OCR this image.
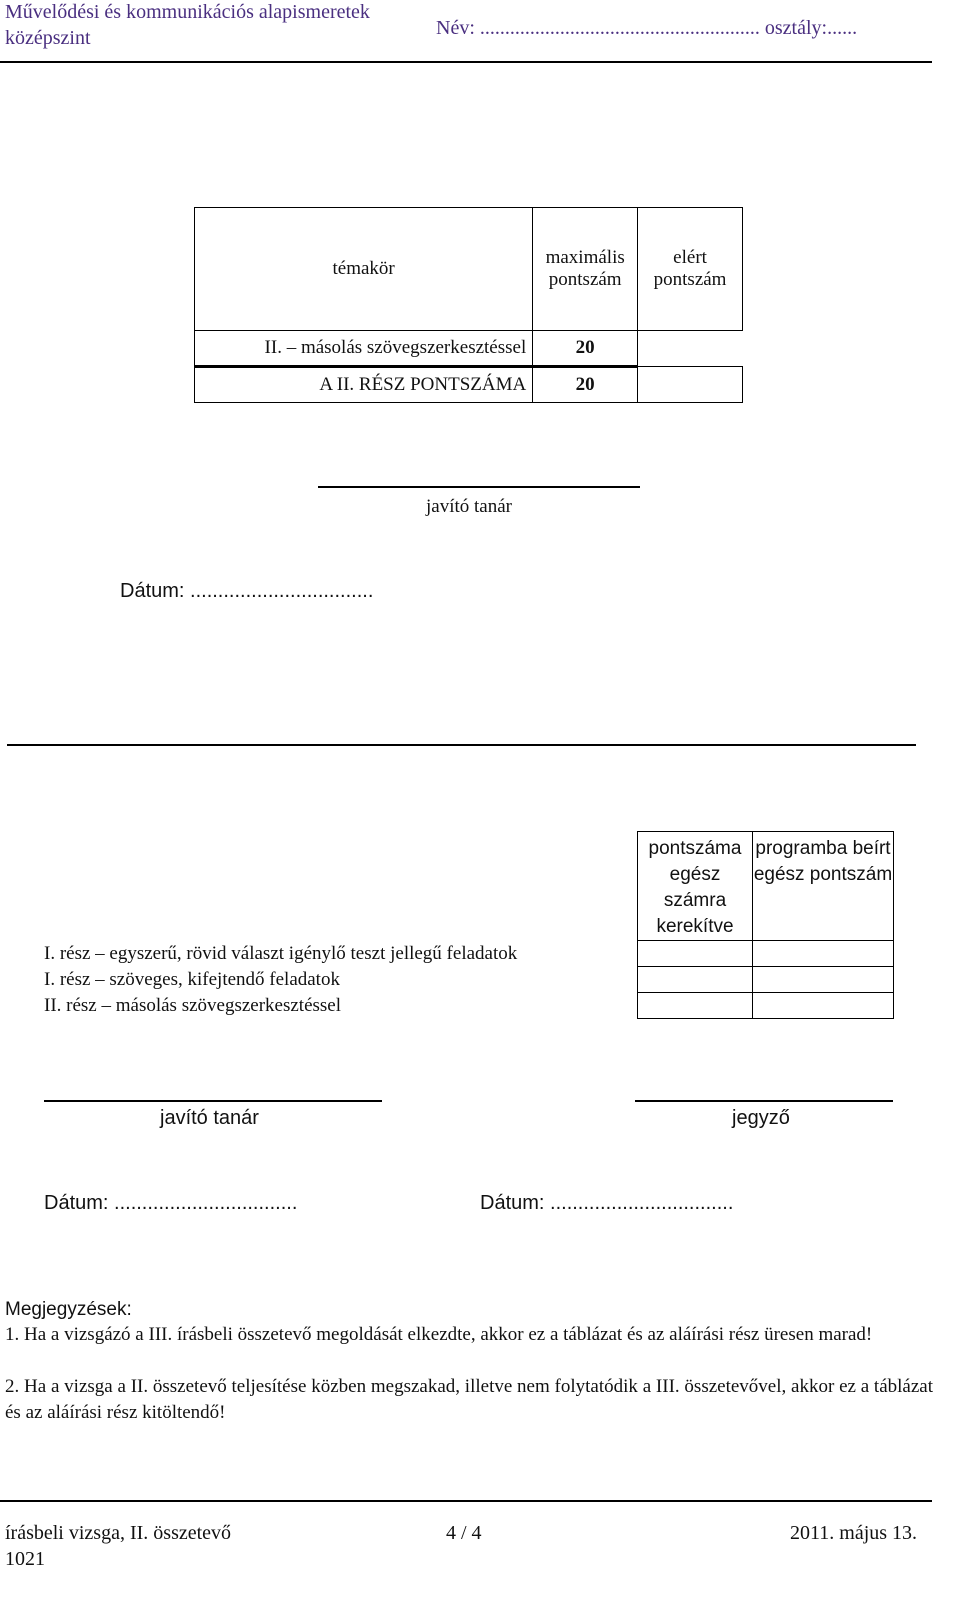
Művelődési és kommunikációs alapismeretek
középszint	Név: ........................................................ osztály:......
témakör	maximális pontszám	elért pontszám
II. – másolás szövegszerkesztéssel	20	
A II. RÉSZ PONTSZÁMA	20	
javító tanár
Dátum: .................................
	pontszáma egész számra kerekítve	programba beírt egész pontszám
I. rész – egyszerű, rövid választ igénylő teszt jellegű feladatok		
I. rész – szöveges, kifejtendő feladatok		
II. rész – másolás szövegszerkesztéssel		
javító tanár	jegyző
Dátum: .................................	Dátum: .................................
Megjegyzések:
1. Ha a vizsgázó a III. írásbeli összetevő megoldását elkezdte, akkor ez a táblázat és az aláírási rész üresen marad!
2. Ha a vizsga a II. összetevő teljesítése közben megszakad, illetve nem folytatódik a III. összetevővel, akkor ez a táblázat és az aláírási rész kitöltendő!
írásbeli vizsga, II. összetevő
1021
4 / 4	2011. május 13.
